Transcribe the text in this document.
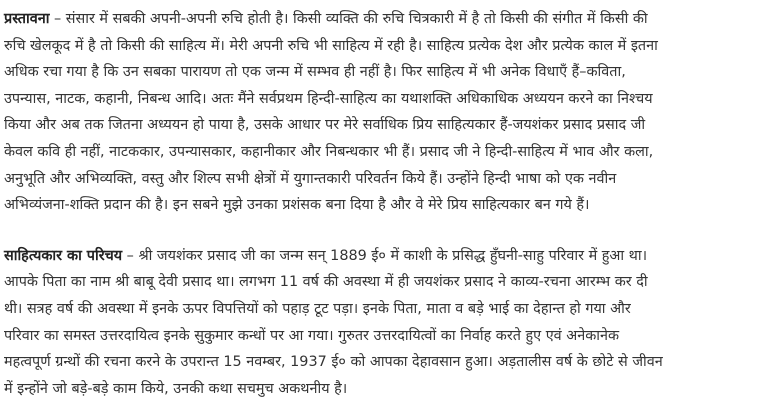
प्रस्तावना – संसार में सबकी अपनी-अपनी रुचि होती है। किसी व्यक्ति की रुचि चित्रकारी में है तो किसी की संगीत में किसी की
रुचि खेलकूद में है तो किसी की साहित्य में। मेरी अपनी रुचि भी साहित्य में रही है। साहित्य प्रत्येक देश और प्रत्येक काल में इतना
अधिक रचा गया है कि उन सबका पारायण तो एक जन्म में सम्भव ही नहीं है। फिर साहित्य में भी अनेक विधाएँ हैं–कविता,
उपन्यास, नाटक, कहानी, निबन्ध आदि। अतः मैंने सर्वप्रथम हिन्दी-साहित्य का यथाशक्ति अधिकाधिक अध्ययन करने का निश्चय
किया और अब तक जितना अध्ययन हो पाया है, उसके आधार पर मेरे सर्वाधिक प्रिय साहित्यकार हैं-जयशंकर प्रसाद प्रसाद जी
केवल कवि ही नहीं, नाटककार, उपन्यासकार, कहानीकार और निबन्धकार भी हैं। प्रसाद जी ने हिन्दी-साहित्य में भाव और कला,
अनुभूति और अभिव्यक्ति, वस्तु और शिल्प सभी क्षेत्रों में युगान्तकारी परिवर्तन किये हैं। उन्होंने हिन्दी भाषा को एक नवीन
अभिव्यंजना-शक्ति प्रदान की है। इन सबने मुझे उनका प्रशंसक बना दिया है और वे मेरे प्रिय साहित्यकार बन गये हैं।

साहित्यकार का परिचय – श्री जयशंकर प्रसाद जी का जन्म सन् 1889 ई० में काशी के प्रसिद्ध हुँघनी-साहु परिवार में हुआ था।
आपके पिता का नाम श्री बाबू देवी प्रसाद था। लगभग 11 वर्ष की अवस्था में ही जयशंकर प्रसाद ने काव्य-रचना आरम्भ कर दी
थी। सत्रह वर्ष की अवस्था में इनके ऊपर विपत्तियों को पहाड़ टूट पड़ा। इनके पिता, माता व बड़े भाई का देहान्त हो गया और
परिवार का समस्त उत्तरदायित्व इनके सुकुमार कन्धों पर आ गया। गुरुतर उत्तरदायित्वों का निर्वाह करते हुए एवं अनेकानेक
महत्वपूर्ण ग्रन्थों की रचना करने के उपरान्त 15 नवम्बर, 1937 ई० को आपका देहावसान हुआ। अड़तालीस वर्ष के छोटे से जीवन
में इन्होंने जो बड़े-बड़े काम किये, उनकी कथा सचमुच अकथनीय है।
